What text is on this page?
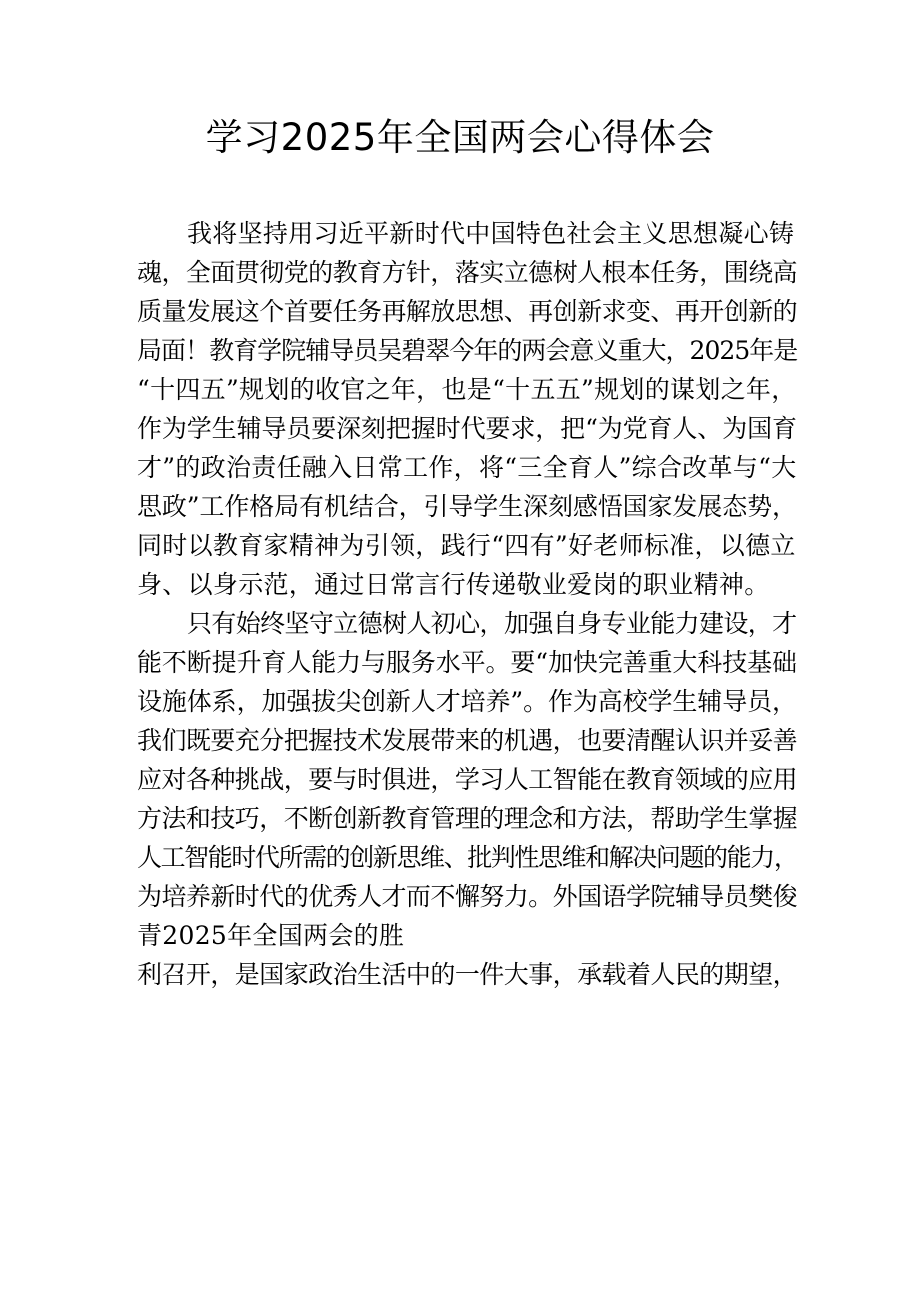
学习2025年全国两会心得体会
我将坚持用习近平新时代中国特色社会主义思想凝心铸
魂，全面贯彻党的教育方针，落实立德树人根本任务，围绕高
质量发展这个首要任务再解放思想、再创新求变、再开创新的
局面！教育学院辅导员吴碧翠今年的两会意义重大，2025年是
“十四五”规划的收官之年，也是“十五五”规划的谋划之年，
作为学生辅导员要深刻把握时代要求，把“为党育人、为国育
才”的政治责任融入日常工作，将“三全育人”综合改革与“大
思政”工作格局有机结合，引导学生深刻感悟国家发展态势，
同时以教育家精神为引领，践行“四有”好老师标准，以德立
身、以身示范，通过日常言行传递敬业爱岗的职业精神。
只有始终坚守立德树人初心，加强自身专业能力建设，才
能不断提升育人能力与服务水平。要“加快完善重大科技基础
设施体系，加强拔尖创新人才培养”。作为高校学生辅导员，
我们既要充分把握技术发展带来的机遇，也要清醒认识并妥善
应对各种挑战，要与时俱进，学习人工智能在教育领域的应用
方法和技巧，不断创新教育管理的理念和方法，帮助学生掌握
人工智能时代所需的创新思维、批判性思维和解决问题的能力，
为培养新时代的优秀人才而不懈努力。外国语学院辅导员樊俊
青2025年全国两会的胜
利召开，是国家政治生活中的一件大事，承载着人民的期望，
